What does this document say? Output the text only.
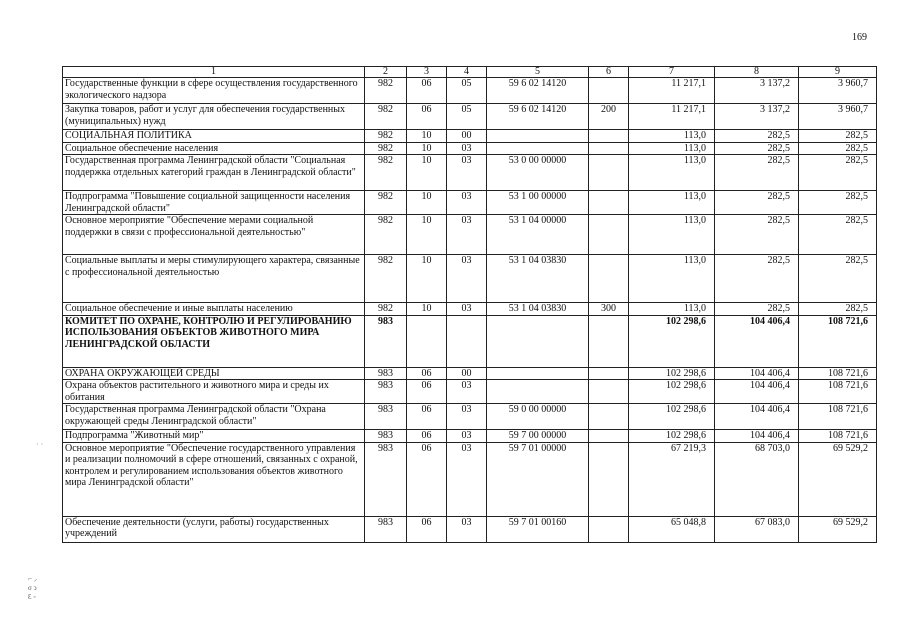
169
1	2	3	4	5	6	7	8	9
Государственные функции в сфере осуществления государственного экологического надзора	982	06	05	59 6 02 14120		11 217,1	3 137,2	3 960,7
Закупка товаров, работ и услуг для обеспечения государственных (муниципальных) нужд	982	06	05	59 6 02 14120	200	11 217,1	3 137,2	3 960,7
СОЦИАЛЬНАЯ ПОЛИТИКА	982	10	00			113,0	282,5	282,5
Социальное обеспечение населения	982	10	03			113,0	282,5	282,5
Государственная программа Ленинградской области "Социальная поддержка отдельных категорий граждан в Ленинградской области"	982	10	03	53 0 00 00000		113,0	282,5	282,5
Подпрограмма "Повышение социальной защищенности населения Ленинградской области"	982	10	03	53 1 00 00000		113,0	282,5	282,5
Основное мероприятие "Обеспечение мерами социальной поддержки в связи с профессиональной деятельностью"	982	10	03	53 1 04 00000		113,0	282,5	282,5
Социальные выплаты и меры стимулирующего характера, связанные с профессиональной деятельностью	982	10	03	53 1 04 03830		113,0	282,5	282,5
Социальное обеспечение и иные выплаты населению	982	10	03	53 1 04 03830	300	113,0	282,5	282,5
КОМИТЕТ ПО ОХРАНЕ, КОНТРОЛЮ И РЕГУЛИРОВАНИЮ ИСПОЛЬЗОВАНИЯ ОБЪЕКТОВ ЖИВОТНОГО МИРА ЛЕНИНГРАДСКОЙ ОБЛАСТИ	983					102 298,6	104 406,4	108 721,6
ОХРАНА ОКРУЖАЮЩЕЙ СРЕДЫ	983	06	00			102 298,6	104 406,4	108 721,6
Охрана объектов растительного и животного мира и среды их обитания	983	06	03			102 298,6	104 406,4	108 721,6
Государственная программа Ленинградской области "Охрана окружающей среды Ленинградской области"	983	06	03	59 0 00 00000		102 298,6	104 406,4	108 721,6
Подпрограмма "Животный мир"	983	06	03	59 7 00 00000		102 298,6	104 406,4	108 721,6
Основное мероприятие "Обеспечение государственного управления и реализации полномочий в сфере отношений, связанных с охраной, контролем и регулированием использования объектов животного мира Ленинградской области"	983	06	03	59 7 01 00000		67 219,3	68 703,0	69 529,2
Обеспечение деятельности (услуги, работы) государственных учреждений	983	06	03	59 7 01 00160		65 048,8	67 083,0	69 529,2
· ·
⌐ ⸝
σ ↄ
Ɛ ◦
